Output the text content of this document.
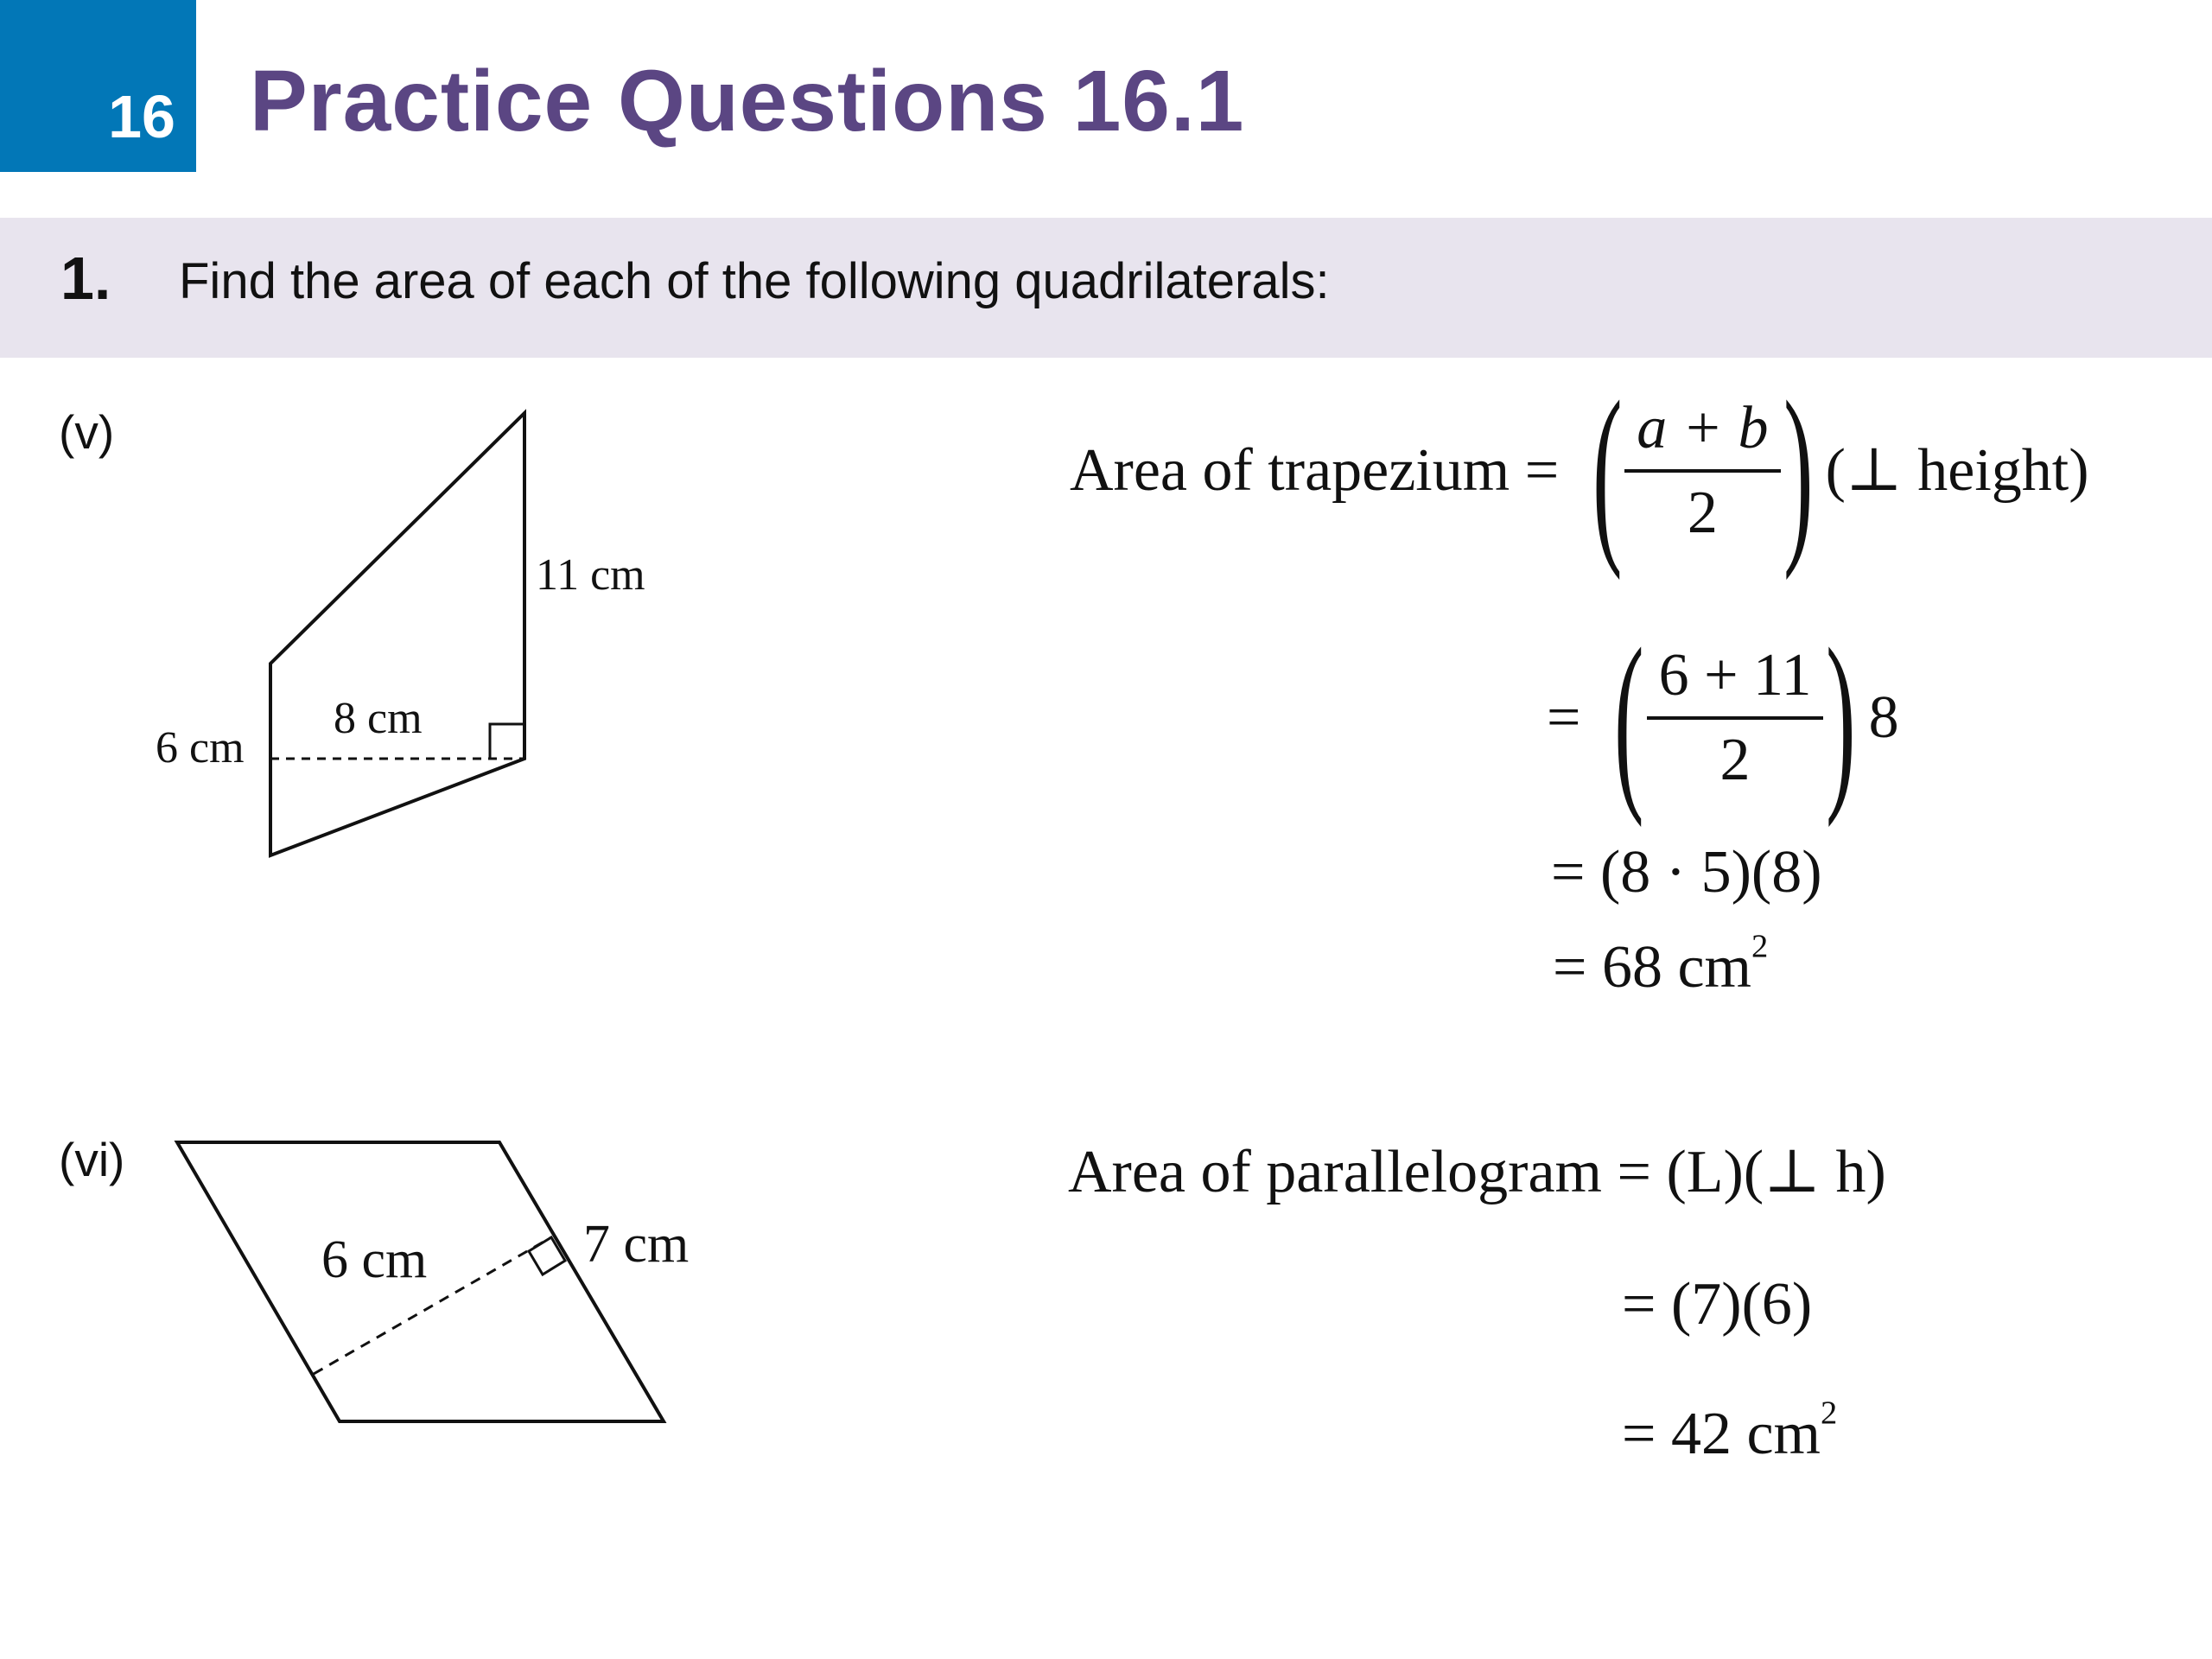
16 Practice Questions 16.1
1. Find the area of each of the following quadrilaterals:
(v)
(vi)
11 cm
6 cm
8 cm
6 cm	7 cm
Area of trapezium = ( $\frac{a + b}{2}$ ) (⊥ height)
= ( $\frac{6 + 11}{2}$ ) 8
= (8 · 5)(8)
= 68 $cm^2$
Area of parallelogram = (L)(⊥ h)
= (7)(6)
= 42 $cm^2$
